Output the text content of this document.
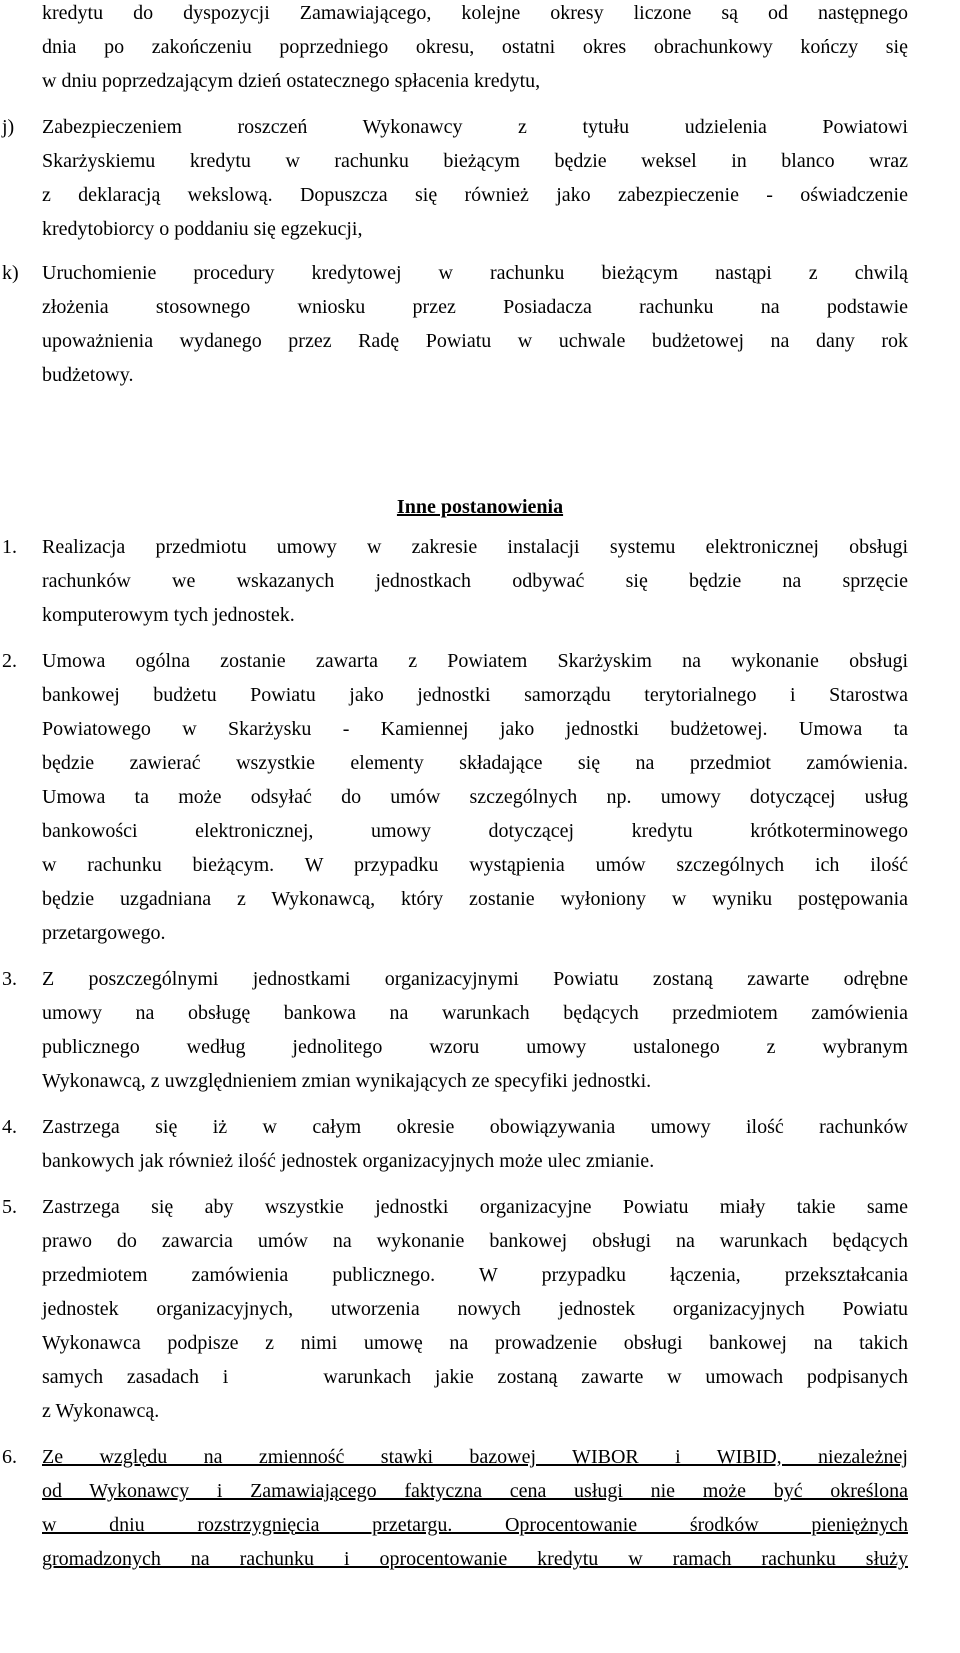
kredytu do dyspozycji Zamawiającego, kolejne okresy liczone są od następnego
dnia po zakończeniu poprzedniego okresu, ostatni okres obrachunkowy kończy się
w dniu poprzedzającym dzień ostatecznego spłacenia kredytu,
j) Zabezpieczeniem roszczeń Wykonawcy z tytułu udzielenia Powiatowi
Skarżyskiemu kredytu w rachunku bieżącym będzie weksel in blanco wraz
z deklaracją wekslową. Dopuszcza się również jako zabezpieczenie - oświadczenie
kredytobiorcy o poddaniu się egzekucji,
k) Uruchomienie procedury kredytowej w rachunku bieżącym nastąpi z chwilą
złożenia stosownego wniosku przez Posiadacza rachunku na podstawie
upoważnienia wydanego przez Radę Powiatu w uchwale budżetowej na dany rok
budżetowy.
Inne postanowienia
1. Realizacja przedmiotu umowy w zakresie instalacji systemu elektronicznej obsługi
rachunków we wskazanych jednostkach odbywać się będzie na sprzęcie
komputerowym tych jednostek.
2. Umowa ogólna zostanie zawarta z Powiatem Skarżyskim na wykonanie obsługi
bankowej budżetu Powiatu jako jednostki samorządu terytorialnego i Starostwa
Powiatowego w Skarżysku - Kamiennej jako jednostki budżetowej. Umowa ta
będzie zawierać wszystkie elementy składające się na przedmiot zamówienia.
Umowa ta może odsyłać do umów szczególnych np. umowy dotyczącej usług
bankowości elektronicznej, umowy dotyczącej kredytu krótkoterminowego
w rachunku bieżącym. W przypadku wystąpienia umów szczególnych ich ilość
będzie uzgadniana z Wykonawcą, który zostanie wyłoniony w wyniku postępowania
przetargowego.
3. Z poszczególnymi jednostkami organizacyjnymi Powiatu zostaną zawarte odrębne
umowy na obsługę bankowa na warunkach będących przedmiotem zamówienia
publicznego według jednolitego wzoru umowy ustalonego z wybranym
Wykonawcą, z uwzględnieniem zmian wynikających ze specyfiki jednostki.
4. Zastrzega się iż w całym okresie obowiązywania umowy ilość rachunków
bankowych jak również ilość jednostek organizacyjnych może ulec zmianie.
5. Zastrzega się aby wszystkie jednostki organizacyjne Powiatu miały takie same
prawo do zawarcia umów na wykonanie bankowej obsługi na warunkach będących
przedmiotem zamówienia publicznego. W przypadku łączenia, przekształcania
jednostek organizacyjnych, utworzenia nowych jednostek organizacyjnych Powiatu
Wykonawca podpisze z nimi umowę na prowadzenie obsługi bankowej na takich
samych zasadach i    warunkach jakie zostaną zawarte w umowach podpisanych
z Wykonawcą.
6. Ze względu na zmienność stawki bazowej WIBOR i WIBID, niezależnej
od Wykonawcy i Zamawiającego faktyczna cena usługi nie może być określona
w dniu rozstrzygnięcia przetargu. Oprocentowanie środków pieniężnych
gromadzonych na rachunku i oprocentowanie kredytu w ramach rachunku służy
